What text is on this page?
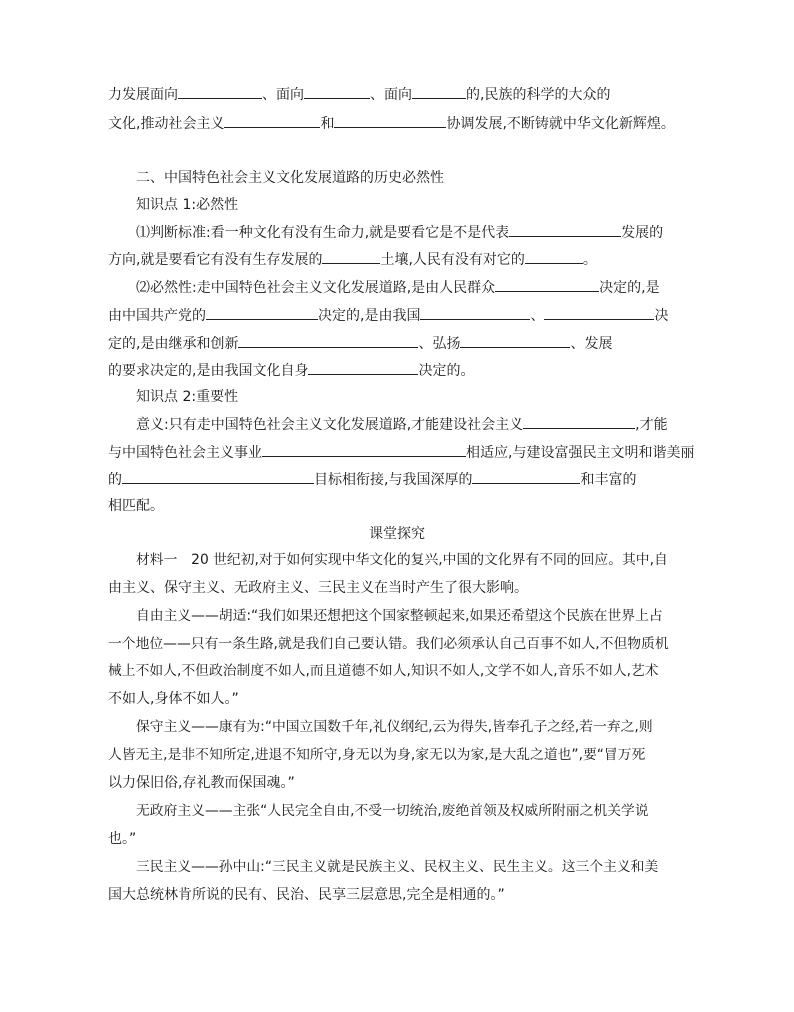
力发展面向	、面向	、面向	的,民族的科学的大众的
文化,推动社会主义	和	协调发展,不断铸就中华文化新辉煌。
二、中国特色社会主义文化发展道路的历史必然性
知识点 1:必然性
⑴判断标准:看一种文化有没有生命力,就是要看它是不是代表	发展的
方向,就是要看它有没有生存发展的	土壤,人民有没有对它的	。
⑵必然性:走中国特色社会主义文化发展道路,是由人民群众	决定的,是
由中国共产党的	决定的,是由我国	、	决
定的,是由继承和创新	、弘扬	、发展
的要求决定的,是由我国文化自身	决定的。
知识点 2:重要性
意义:只有走中国特色社会主义文化发展道路,才能建设社会主义	,才能
与中国特色社会主义事业	相适应,与建设富强民主文明和谐美丽
的	目标相衔接,与我国深厚的	和丰富的
相匹配。
课堂探究
材料一　20 世纪初,对于如何实现中华文化的复兴,中国的文化界有不同的回应。其中,自
由主义、保守主义、无政府主义、三民主义在当时产生了很大影响。
自由主义——胡适:“我们如果还想把这个国家整顿起来,如果还希望这个民族在世界上占
一个地位——只有一条生路,就是我们自己要认错。我们必须承认自己百事不如人,不但物质机
械上不如人,不但政治制度不如人,而且道德不如人,知识不如人,文学不如人,音乐不如人,艺术
不如人,身体不如人。”
保守主义——康有为:“中国立国数千年,礼仪纲纪,云为得失,皆奉孔子之经,若一弃之,则
人皆无主,是非不知所定,进退不知所守,身无以为身,家无以为家,是大乱之道也”,要“冒万死
以力保旧俗,存礼教而保国魂。”
无政府主义——主张“人民完全自由,不受一切统治,废绝首领及权威所附丽之机关学说
也。”
三民主义——孙中山:“三民主义就是民族主义、民权主义、民生主义。这三个主义和美
国大总统林肯所说的民有、民治、民享三层意思,完全是相通的。”
